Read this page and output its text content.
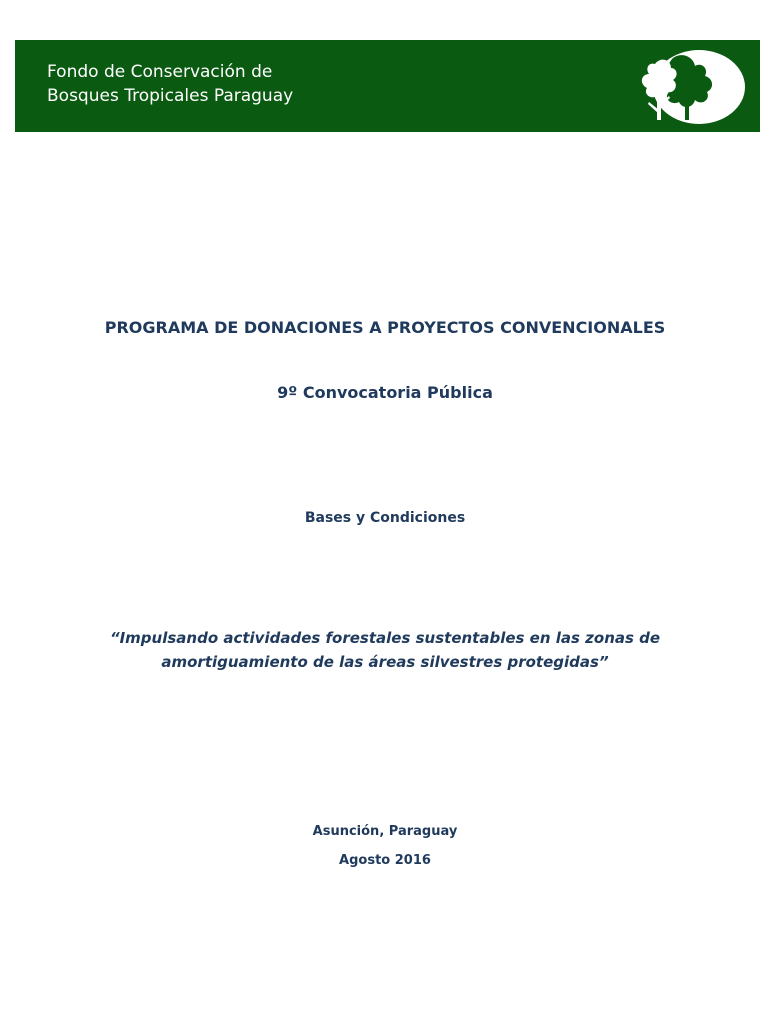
Fondo de Conservación de
Bosques Tropicales Paraguay
PROGRAMA DE DONACIONES A PROYECTOS CONVENCIONALES
9º Convocatoria Pública
Bases y Condiciones
“Impulsando actividades forestales sustentables en las zonas de
amortiguamiento de las áreas silvestres protegidas”
Asunción, Paraguay
Agosto 2016
